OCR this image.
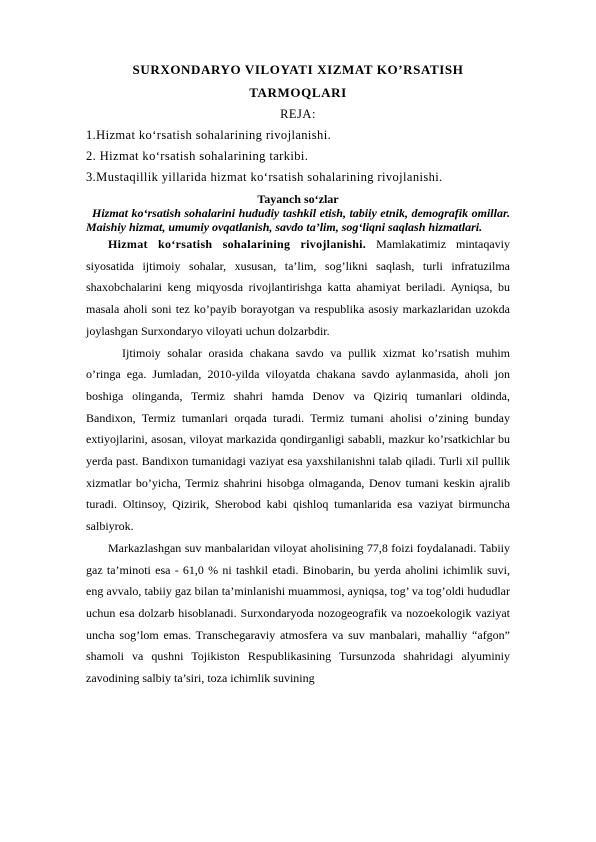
SURXONDARYO VILOYATI XIZMAT KO’RSATISH

TARMOQLARI

REJA:

1.Hizmat ko‘rsatish sohalarining rivojlanishi.

2. Hizmat ko‘rsatish sohalarining tarkibi.

3.Mustaqillik yillarida hizmat ko‘rsatish sohalarining rivojlanishi.

Tayanch so‘zlar

Hizmat ko‘rsatish sohalarini hududiy tashkil etish, tabiiy etnik, demografik omillar. Maishiy hizmat, umumiy ovqatlanish, savdo ta’lim, sog‘liqni saqlash hizmatlari.

Hizmat ko‘rsatish sohalarining rivojlanishi. Mamlakatimiz mintaqaviy siyosatida ijtimoiy sohalar, xususan, ta’lim, sog’likni saqlash, turli infratuzilma shaxobchalarini keng miqyosda rivojlantirishga katta ahamiyat beriladi. Ayniqsa, bu masala aholi soni tez ko’payib borayotgan va respublika asosiy markazlaridan uzokda joylashgan Surxondaryo viloyati uchun dolzarbdir.

Ijtimoiy sohalar orasida chakana savdo va pullik xizmat ko’rsatish muhim o’ringa ega. Jumladan, 2010-yilda viloyatda chakana savdo aylanmasida, aholi jon boshiga olinganda, Termiz shahri hamda Denov va Qiziriq tumanlari oldinda, Bandixon, Termiz tumanlari orqada turadi. Termiz tumani aholisi o’zining bunday extiyojlarini, asosan, viloyat markazida qondirganligi sababli, mazkur ko’rsatkichlar bu yerda past. Bandixon tumanidagi vaziyat esa yaxshilanishni talab qiladi. Turli xil pullik xizmatlar bo’yicha, Termiz shahrini hisobga olmaganda, Denov tumani keskin ajralib turadi. Oltinsoy, Qizirik, Sherobod kabi qishloq tumanlarida esa vaziyat birmuncha salbiyrok.

Markazlashgan suv manbalaridan viloyat aholisining 77,8 foizi foydalanadi. Tabiiy gaz ta’minoti esa - 61,0 % ni tashkil etadi. Binobarin, bu yerda aholini ichimlik suvi, eng avvalo, tabiiy gaz bilan ta’minlanishi muammosi, ayniqsa, tog’ va tog’oldi hududlar uchun esa dolzarb hisoblanadi. Surxondaryoda nozogeografik va nozoekologik vaziyat uncha sog’lom emas. Transchegaraviy atmosfera va suv manbalari, mahalliy “afgon” shamoli va qushni Tojikiston Respublikasining Tursunzoda shahridagi alyuminiy zavodining salbiy ta’siri, toza ichimlik suvining
